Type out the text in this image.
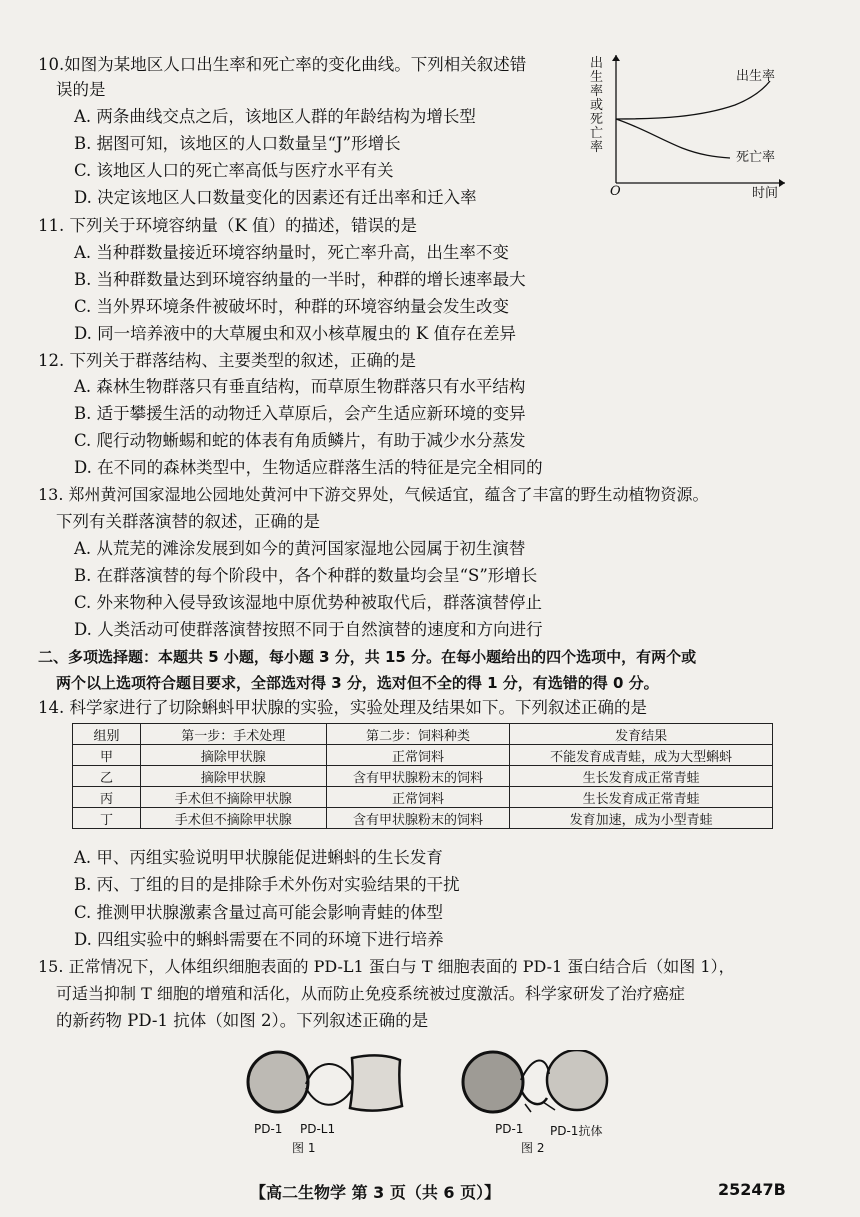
10.如图为某地区人口出生率和死亡率的变化曲线。下列相关叙述错
误的是
A. 两条曲线交点之后，该地区人群的年龄结构为增长型
B. 据图可知，该地区的人口数量呈“J”形增长
C. 该地区人口的死亡率高低与医疗水平有关
D. 决定该地区人口数量变化的因素还有迁出率和迁入率
出
生
率
或
死
亡
率
出生率
死亡率
O	时间
11. 下列关于环境容纳量（K 值）的描述，错误的是
A. 当种群数量接近环境容纳量时，死亡率升高，出生率不变
B. 当种群数量达到环境容纳量的一半时，种群的增长速率最大
C. 当外界环境条件被破坏时，种群的环境容纳量会发生改变
D. 同一培养液中的大草履虫和双小核草履虫的 K 值存在差异
12. 下列关于群落结构、主要类型的叙述，正确的是
A. 森林生物群落只有垂直结构，而草原生物群落只有水平结构
B. 适于攀援生活的动物迁入草原后，会产生适应新环境的变异
C. 爬行动物蜥蜴和蛇的体表有角质鳞片，有助于减少水分蒸发
D. 在不同的森林类型中，生物适应群落生活的特征是完全相同的
13. 郑州黄河国家湿地公园地处黄河中下游交界处，气候适宜，蕴含了丰富的野生动植物资源。
下列有关群落演替的叙述，正确的是
A. 从荒芜的滩涂发展到如今的黄河国家湿地公园属于初生演替
B. 在群落演替的每个阶段中，各个种群的数量均会呈“S”形增长
C. 外来物种入侵导致该湿地中原优势种被取代后，群落演替停止
D. 人类活动可使群落演替按照不同于自然演替的速度和方向进行
二、多项选择题：本题共 5 小题，每小题 3 分，共 15 分。在每小题给出的四个选项中，有两个或
两个以上选项符合题目要求，全部选对得 3 分，选对但不全的得 1 分，有选错的得 0 分。
14. 科学家进行了切除蝌蚪甲状腺的实验，实验处理及结果如下。下列叙述正确的是
组别	第一步：手术处理	第二步：饲料种类	发育结果
甲	摘除甲状腺	正常饲料	不能发育成青蛙，成为大型蝌蚪
乙	摘除甲状腺	含有甲状腺粉末的饲料	生长发育成正常青蛙
丙	手术但不摘除甲状腺	正常饲料	生长发育成正常青蛙
丁	手术但不摘除甲状腺	含有甲状腺粉末的饲料	发育加速，成为小型青蛙
A. 甲、丙组实验说明甲状腺能促进蝌蚪的生长发育
B. 丙、丁组的目的是排除手术外伤对实验结果的干扰
C. 推测甲状腺激素含量过高可能会影响青蛙的体型
D. 四组实验中的蝌蚪需要在不同的环境下进行培养
15. 正常情况下，人体组织细胞表面的 PD-L1 蛋白与 T 细胞表面的 PD-1 蛋白结合后（如图 1），
可适当抑制 T 细胞的增殖和活化，从而防止免疫系统被过度激活。科学家研发了治疗癌症
的新药物 PD-1 抗体（如图 2）。下列叙述正确的是
PD-1 PD-L1
图 1
PD-1 PD-1抗体
图 2
【高二生物学 第 3 页（共 6 页）】	25247B
